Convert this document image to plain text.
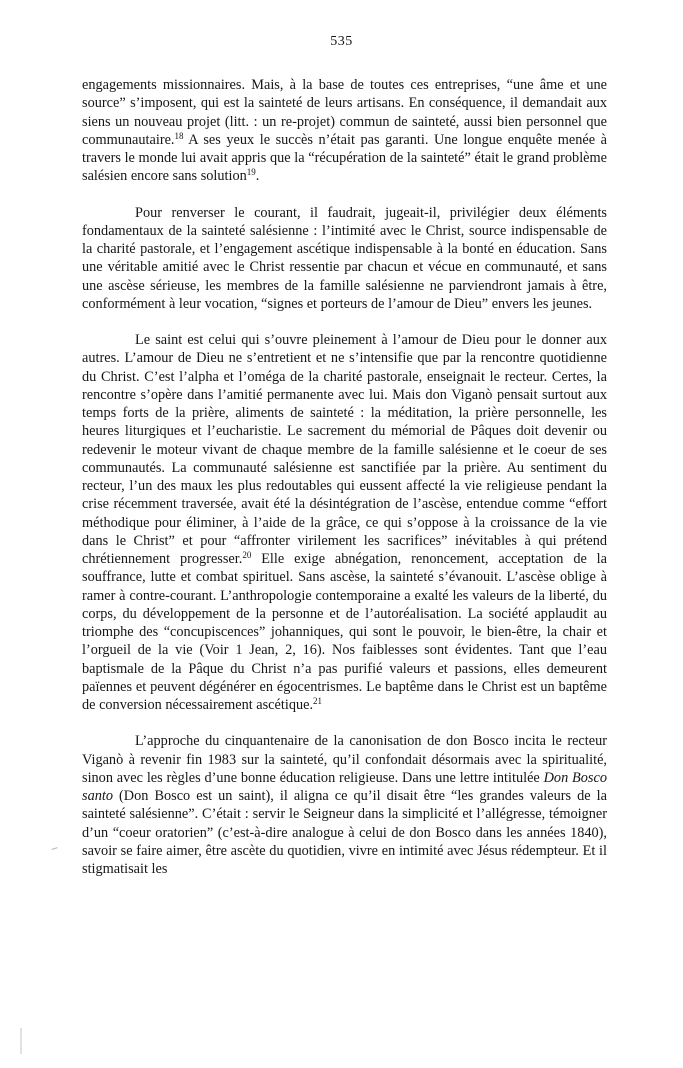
535

engagements missionnaires. Mais, à la base de toutes ces entreprises, “une âme et une source” s’imposent, qui est la sainteté de leurs artisans. En conséquence, il demandait aux siens un nouveau projet (litt. : un re-projet) commun de sainteté, aussi bien personnel que communautaire.$^{18}$ A ses yeux le succès n’était pas garanti. Une longue enquête menée à travers le monde lui avait appris que la “récupération de la sainteté” était le grand problème salésien encore sans solution$^{19}$.

Pour renverser le courant, il faudrait, jugeait-il, privilégier deux éléments fondamentaux de la sainteté salésienne : l’intimité avec le Christ, source indispensable de la charité pastorale, et l’engagement ascétique indispensable à la bonté en éducation. Sans une véritable amitié avec le Christ ressentie par chacun et vécue en communauté, et sans une ascèse sérieuse, les membres de la famille salésienne ne parviendront jamais à être, conformément à leur vocation, “signes et porteurs de l’amour de Dieu” envers les jeunes.

Le saint est celui qui s’ouvre pleinement à l’amour de Dieu pour le donner aux autres. L’amour de Dieu ne s’entretient et ne s’intensifie que par la rencontre quotidienne du Christ. C’est l’alpha et l’oméga de la charité pastorale, enseignait le recteur. Certes, la rencontre s’opère dans l’amitié permanente avec lui. Mais don Viganò pensait surtout aux temps forts de la prière, aliments de sainteté : la méditation, la prière personnelle, les heures liturgiques et l’eucharistie. Le sacrement du mémorial de Pâques doit devenir ou redevenir le moteur vivant de chaque membre de la famille salésienne et le coeur de ses communautés. La communauté salésienne est sanctifiée par la prière. Au sentiment du recteur, l’un des maux les plus redoutables qui eussent affecté la vie religieuse pendant la crise récemment traversée, avait été la désintégration de l’ascèse, entendue comme “effort méthodique pour éliminer, à l’aide de la grâce, ce qui s’oppose à la croissance de la vie dans le Christ” et pour “affronter virilement les sacrifices” inévitables à qui prétend chrétiennement progresser.$^{20}$ Elle exige abnégation, renoncement, acceptation de la souffrance, lutte et combat spirituel. Sans ascèse, la sainteté s’évanouit. L’ascèse oblige à ramer à contre-courant. L’anthropologie contemporaine a exalté les valeurs de la liberté, du corps, du développement de la personne et de l’autoréalisation. La société applaudit au triomphe des “concupiscences” johanniques, qui sont le pouvoir, le bien-être, la chair et l’orgueil de la vie (Voir 1 Jean, 2, 16). Nos faiblesses sont évidentes. Tant que l’eau baptismale de la Pâque du Christ n’a pas purifié valeurs et passions, elles demeurent païennes et peuvent dégénérer en égocentrismes. Le baptême dans le Christ est un baptême de conversion nécessairement ascétique.$^{21}$

L’approche du cinquantenaire de la canonisation de don Bosco incita le recteur Viganò à revenir fin 1983 sur la sainteté, qu’il confondait désormais avec la spiritualité, sinon avec les règles d’une bonne éducation religieuse. Dans une lettre intitulée Don Bosco santo (Don Bosco est un saint), il aligna ce qu’il disait être “les grandes valeurs de la sainteté salésienne”. C’était : servir le Seigneur dans la simplicité et l’allégresse, témoigner d’un “coeur oratorien” (c’est-à-dire analogue à celui de don Bosco dans les années 1840), savoir se faire aimer, être ascète du quotidien, vivre en intimité avec Jésus rédempteur. Et il stigmatisait les
